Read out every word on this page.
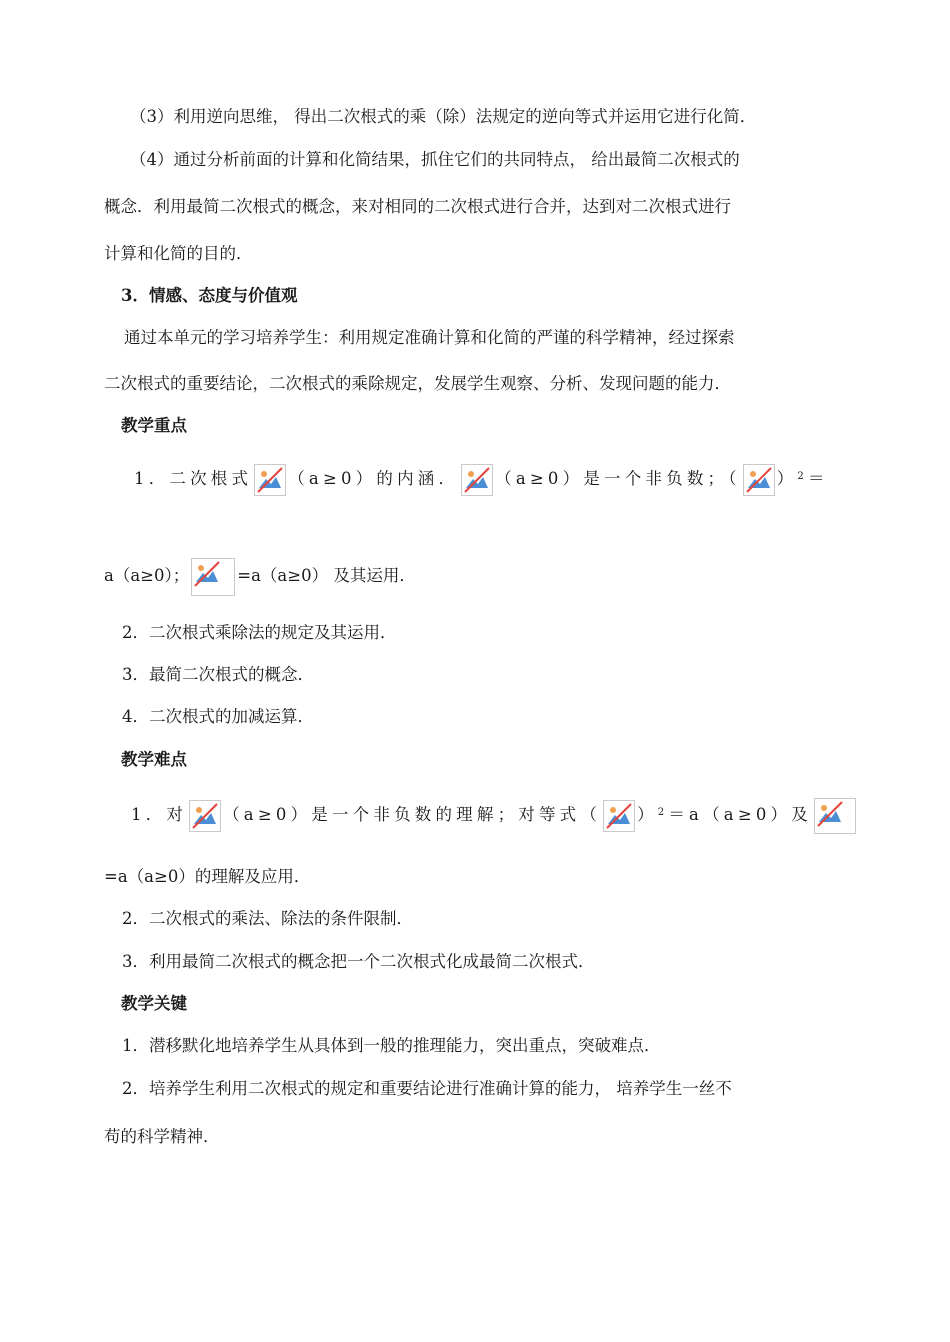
（3）利用逆向思维， 得出二次根式的乘（除）法规定的逆向等式并运用它进行化简．
（4）通过分析前面的计算和化简结果，抓住它们的共同特点， 给出最简二次根式的
概念．利用最简二次根式的概念，来对相同的二次根式进行合并，达到对二次根式进行
计算和化简的目的．
3．情感、态度与价值观
通过本单元的学习培养学生：利用规定准确计算和化简的严谨的科学精神，经过探索
二次根式的重要结论，二次根式的乘除规定，发展学生观察、分析、发现问题的能力．
教学重点
1．二次根式 （a≥0）的内涵． （a≥0）是一个非负数；（ ）$^2$＝
a（a≥0）；	=a（a≥0） 及其运用．
2．二次根式乘除法的规定及其运用．
3．最简二次根式的概念．
4．二次根式的加减运算．
教学难点
1．对 （a≥0）是一个非负数的理解；对等式（ ）$^2$＝a（a≥0）及
=a（a≥0）的理解及应用．
2．二次根式的乘法、除法的条件限制．
3．利用最简二次根式的概念把一个二次根式化成最简二次根式．
教学关键
1．潜移默化地培养学生从具体到一般的推理能力，突出重点，突破难点．
2．培养学生利用二次根式的规定和重要结论进行准确计算的能力， 培养学生一丝不
苟的科学精神．
